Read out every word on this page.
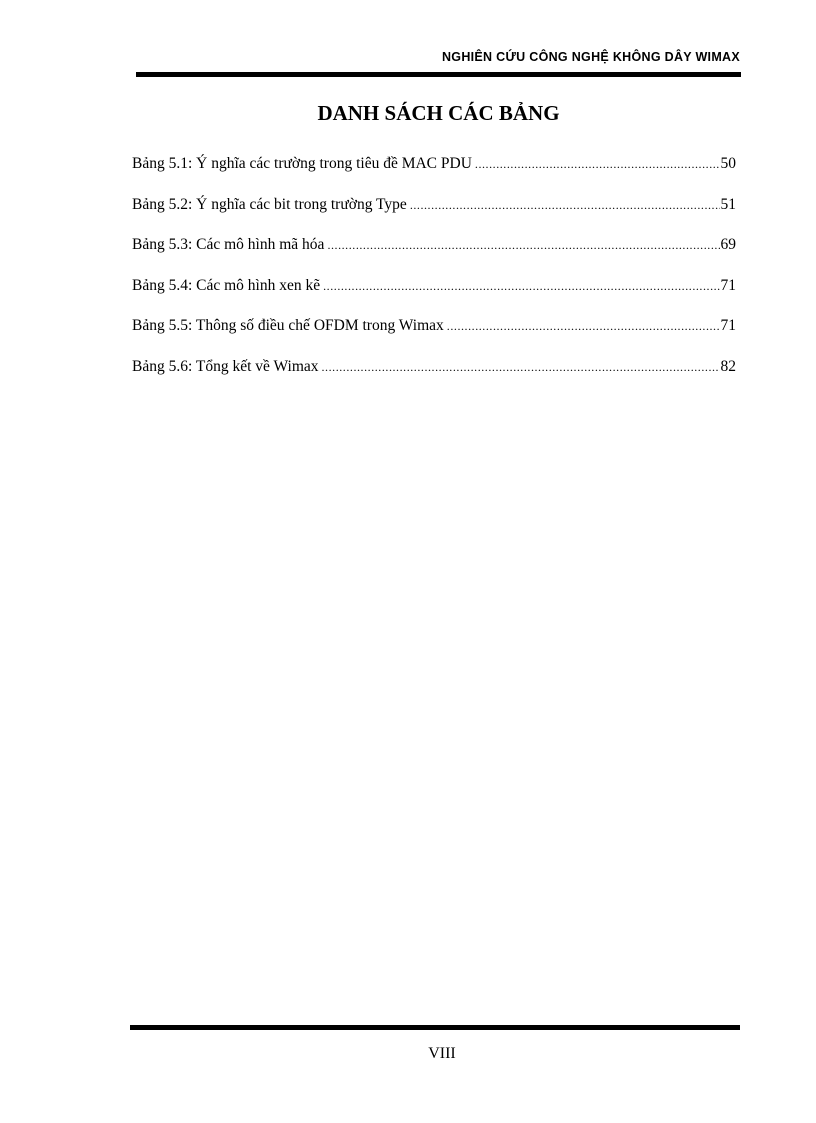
NGHIÊN CỨU CÔNG NGHỆ KHÔNG DÂY WIMAX
DANH SÁCH CÁC BẢNG
Bảng 5.1: Ý nghĩa các trường trong tiêu đề MAC PDU .....	50
Bảng 5.2: Ý nghĩa các bit trong trường Type .....	51
Bảng 5.3: Các mô hình mã hóa .....	69
Bảng 5.4: Các mô hình xen kẽ .....	71
Bảng 5.5: Thông số điều chế OFDM trong Wimax .....	71
Bảng 5.6: Tổng kết về Wimax .....	82
VIII
